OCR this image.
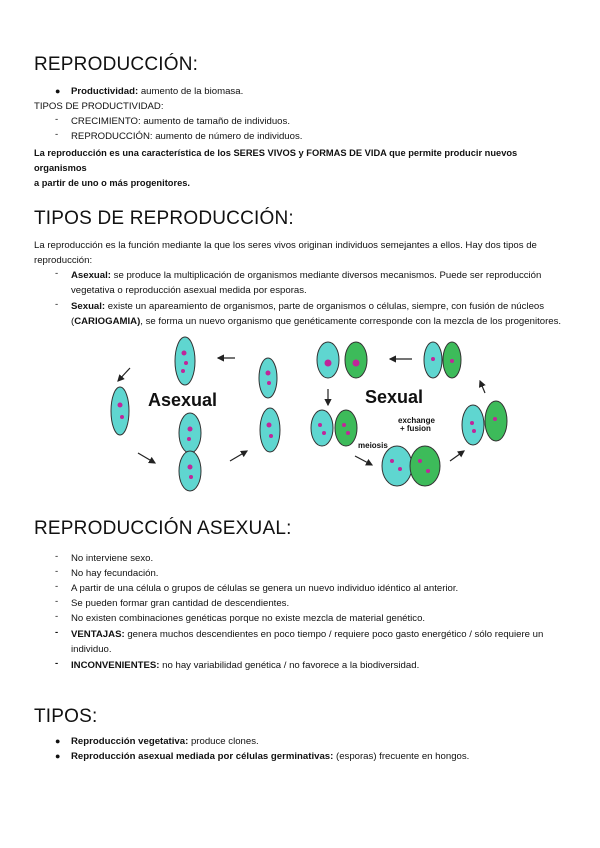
REPRODUCCIÓN:
● Productividad: aumento de la biomasa.
TIPOS DE PRODUCTIVIDAD:
- CRECIMIENTO: aumento de tamaño de individuos.
- REPRODUCCIÓN: aumento de número de individuos.
La reproducción es una característica de los SERES VIVOS y FORMAS DE VIDA que permite producir nuevos organismos
a partir de uno o más progenitores.
TIPOS DE REPRODUCCIÓN:
La reproducción es la función mediante la que los seres vivos originan individuos semejantes a ellos. Hay dos tipos de
reproducción:
- Asexual: se produce la multiplicación de organismos mediante diversos mecanismos. Puede ser reproducción
vegetativa o reproducción asexual medida por esporas.
- Sexual: existe un apareamiento de organismos, parte de organismos o células, siempre, con fusión de núcleos
(CARIOGAMIA), se forma un nuevo organismo que genéticamente corresponde con la mezcla de los progenitores.
Asexual	Sexual
exchange
+ fusion
meiosis
REPRODUCCIÓN ASEXUAL:
- No interviene sexo.
- No hay fecundación.
- A partir de una célula o grupos de células se genera un nuevo individuo idéntico al anterior.
- Se pueden formar gran cantidad de descendientes.
- No existen combinaciones genéticas porque no existe mezcla de material genético.
- VENTAJAS: genera muchos descendientes en poco tiempo / requiere poco gasto energético / sólo requiere un
individuo.
- INCONVENIENTES: no hay variabilidad genética / no favorece a la biodiversidad.
TIPOS:
● Reproducción vegetativa: produce clones.
● Reproducción asexual mediada por células germinativas: (esporas) frecuente en hongos.
